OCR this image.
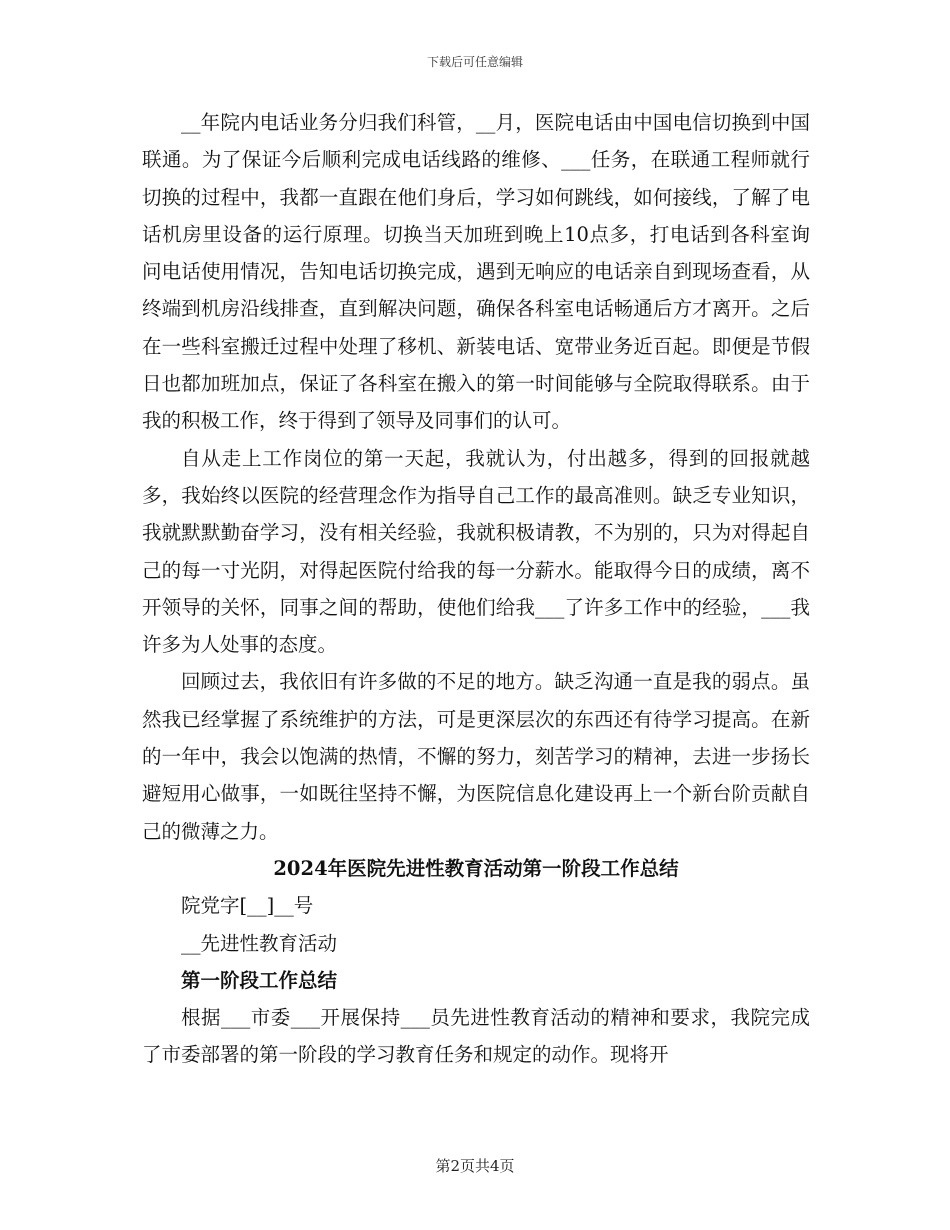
下载后可任意编辑

__年院内电话业务分归我们科管，__月，医院电话由中国电信切换到中国联通。为了保证今后顺利完成电话线路的维修、___任务，在联通工程师就行切换的过程中，我都一直跟在他们身后，学习如何跳线，如何接线，了解了电话机房里设备的运行原理。切换当天加班到晚上10点多，打电话到各科室询问电话使用情况，告知电话切换完成，遇到无响应的电话亲自到现场查看，从终端到机房沿线排查，直到解决问题，确保各科室电话畅通后方才离开。之后在一些科室搬迁过程中处理了移机、新装电话、宽带业务近百起。即便是节假日也都加班加点，保证了各科室在搬入的第一时间能够与全院取得联系。由于我的积极工作，终于得到了领导及同事们的认可。

自从走上工作岗位的第一天起，我就认为，付出越多，得到的回报就越多，我始终以医院的经营理念作为指导自己工作的最高准则。缺乏专业知识，我就默默勤奋学习，没有相关经验，我就积极请教，不为别的，只为对得起自己的每一寸光阴，对得起医院付给我的每一分薪水。能取得今日的成绩，离不开领导的关怀，同事之间的帮助，使他们给我___了许多工作中的经验，___我许多为人处事的态度。

回顾过去，我依旧有许多做的不足的地方。缺乏沟通一直是我的弱点。虽然我已经掌握了系统维护的方法，可是更深层次的东西还有待学习提高。在新的一年中，我会以饱满的热情，不懈的努力，刻苦学习的精神，去进一步扬长避短用心做事，一如既往坚持不懈，为医院信息化建设再上一个新台阶贡献自己的微薄之力。

2024年医院先进性教育活动第一阶段工作总结

院党字[__]__号

__先进性教育活动

第一阶段工作总结

根据___市委___开展保持___员先进性教育活动的精神和要求，我院完成了市委部署的第一阶段的学习教育任务和规定的动作。现将开

第2页共4页
